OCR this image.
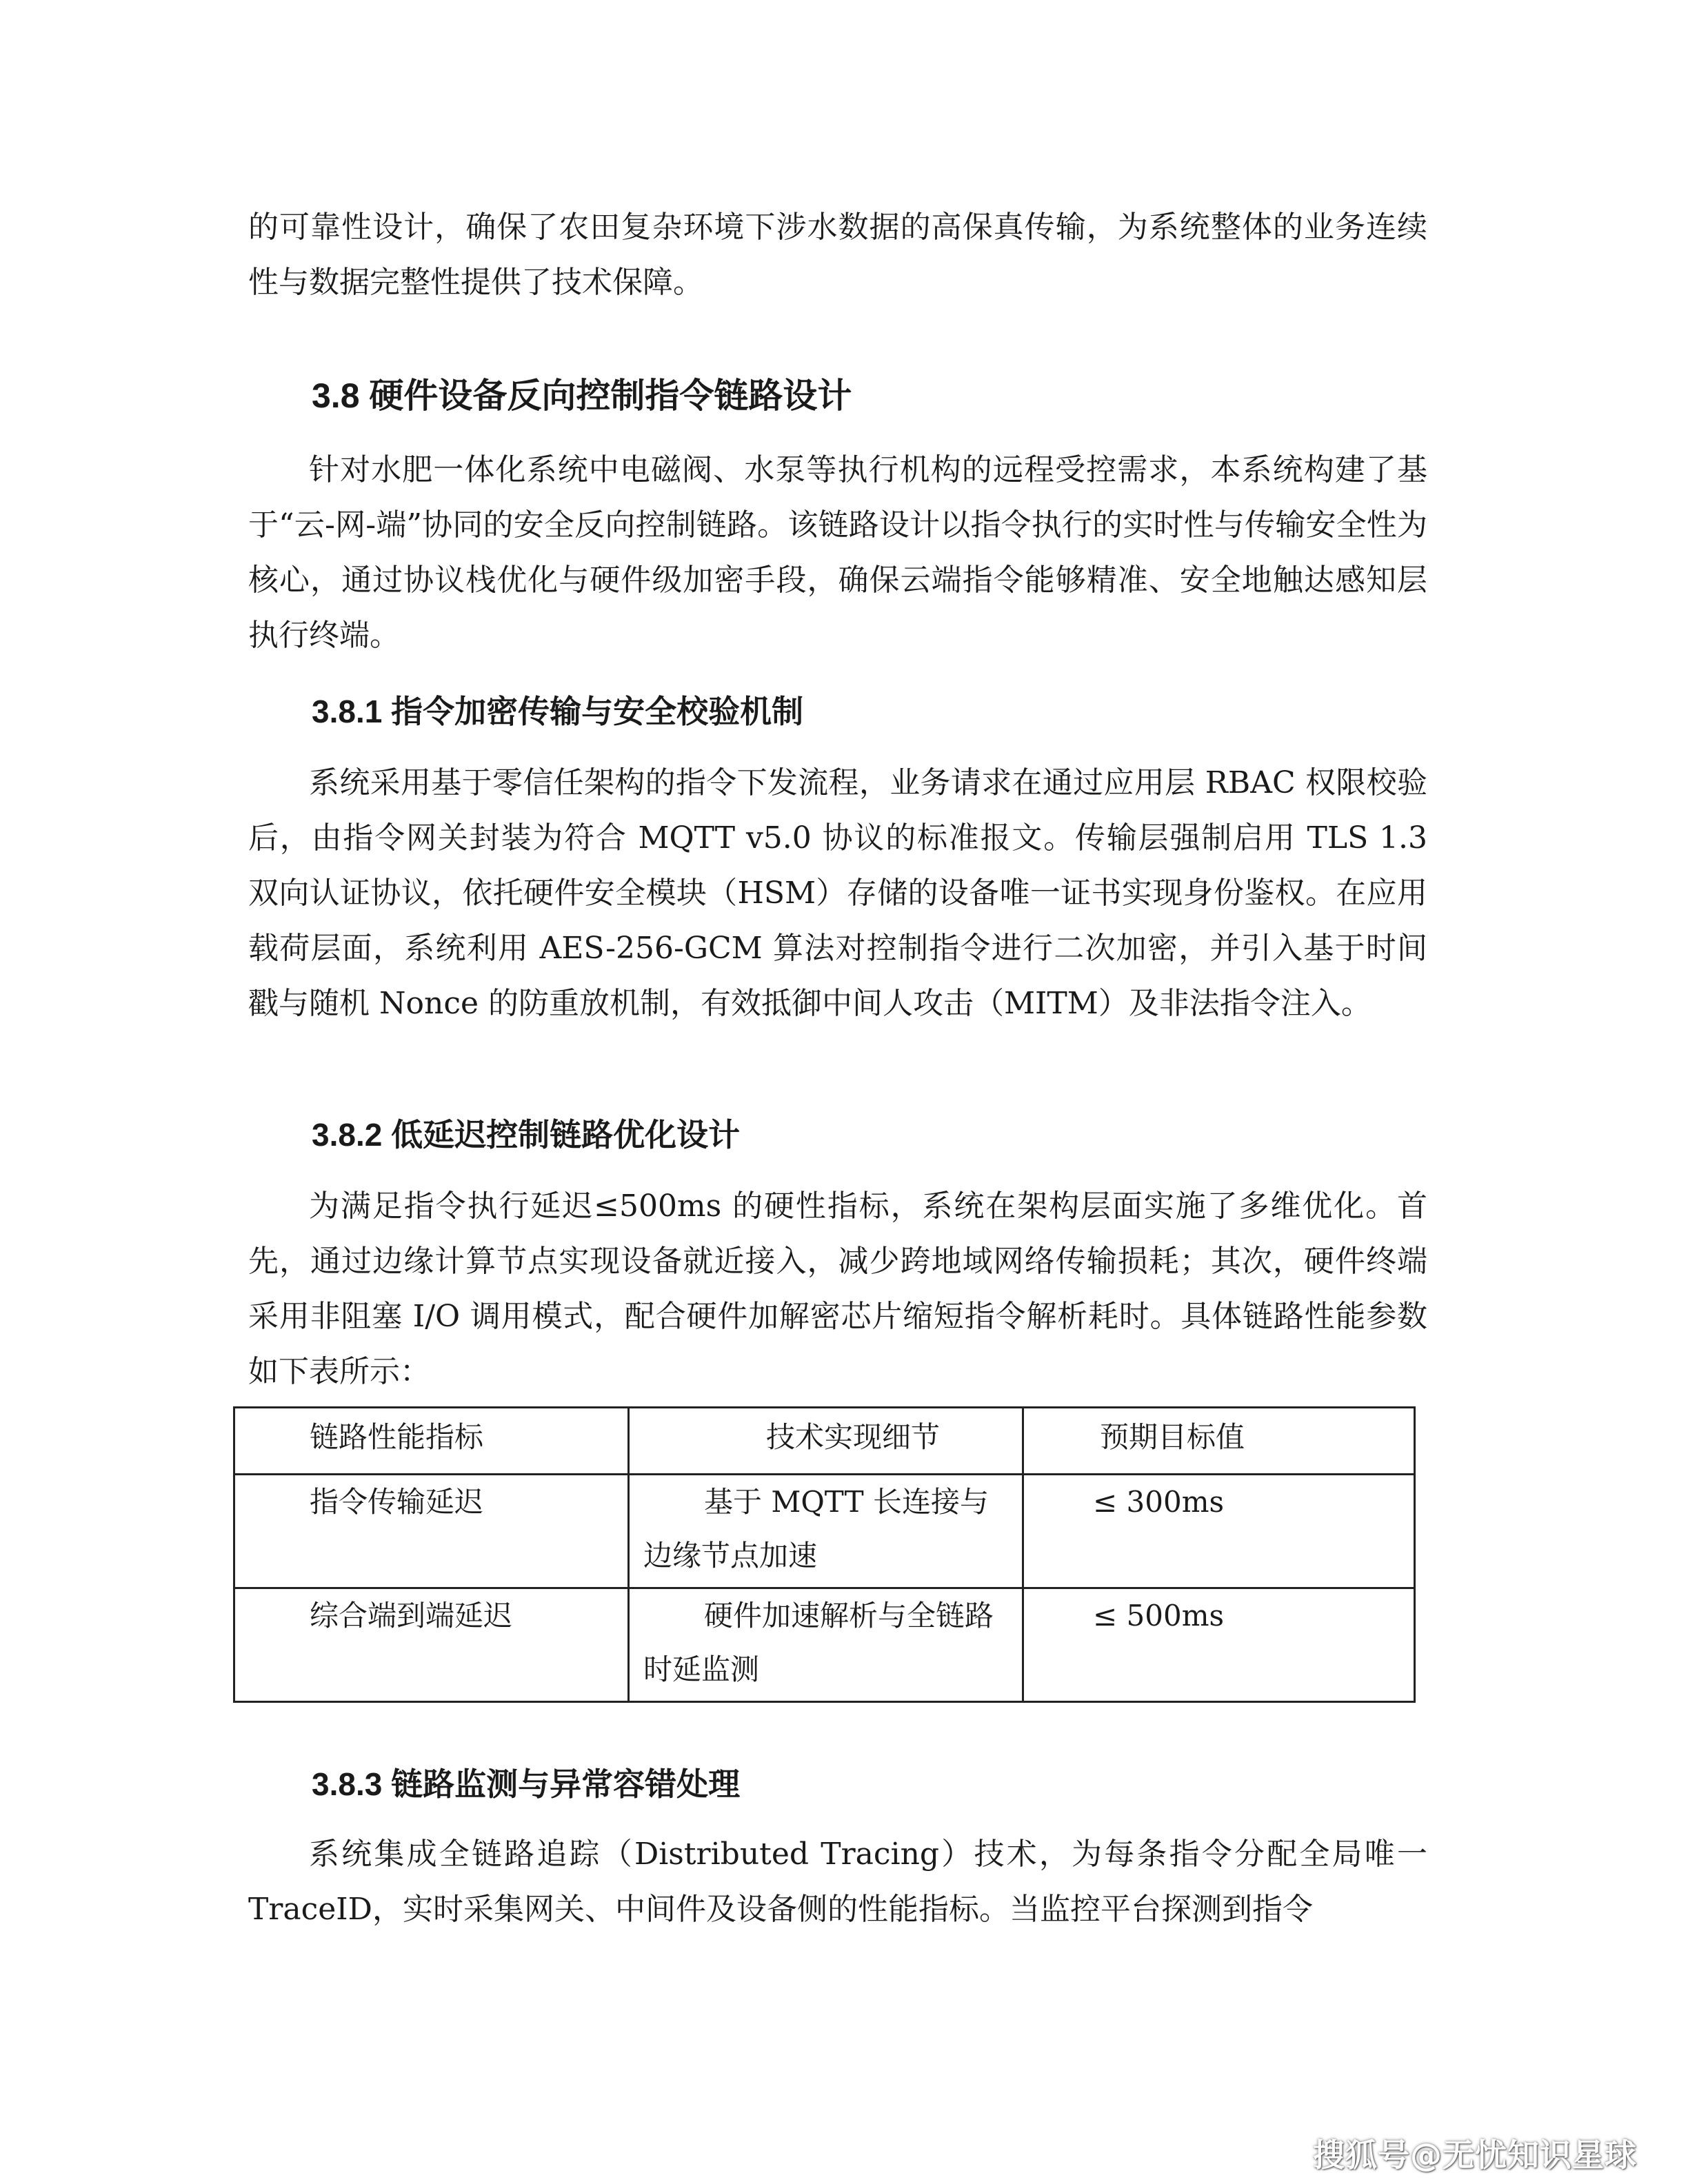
的可靠性设计，确保了农田复杂环境下涉水数据的高保真传输，为系统整体的业务连续性与数据完整性提供了技术保障。

3.8 硬件设备反向控制指令链路设计

针对水肥一体化系统中电磁阀、水泵等执行机构的远程受控需求，本系统构建了基于“云-网-端”协同的安全反向控制链路。该链路设计以指令执行的实时性与传输安全性为核心，通过协议栈优化与硬件级加密手段，确保云端指令能够精准、安全地触达感知层执行终端。

3.8.1 指令加密传输与安全校验机制

系统采用基于零信任架构的指令下发流程，业务请求在通过应用层 RBAC 权限校验后，由指令网关封装为符合 MQTT v5.0 协议的标准报文。传输层强制启用 TLS 1.3 双向认证协议，依托硬件安全模块（HSM）存储的设备唯一证书实现身份鉴权。在应用载荷层面，系统利用 AES-256-GCM 算法对控制指令进行二次加密，并引入基于时间戳与随机 Nonce 的防重放机制，有效抵御中间人攻击（MITM）及非法指令注入。

3.8.2 低延迟控制链路优化设计

为满足指令执行延迟≤500ms 的硬性指标，系统在架构层面实施了多维优化。首先，通过边缘计算节点实现设备就近接入，减少跨地域网络传输损耗；其次，硬件终端采用非阻塞 I/O 调用模式，配合硬件加解密芯片缩短指令解析耗时。具体链路性能参数如下表所示：

链路性能指标	技术实现细节	预期目标值
指令传输延迟	基于 MQTT 长连接与边缘节点加速	≤ 300ms
综合端到端延迟	硬件加速解析与全链路时延监测	≤ 500ms
3.8.3 链路监测与异常容错处理

系统集成全链路追踪（Distributed Tracing）技术，为每条指令分配全局唯一 TraceID，实时采集网关、中间件及设备侧的性能指标。当监控平台探测到指令

搜狐号@无忧知识星球
